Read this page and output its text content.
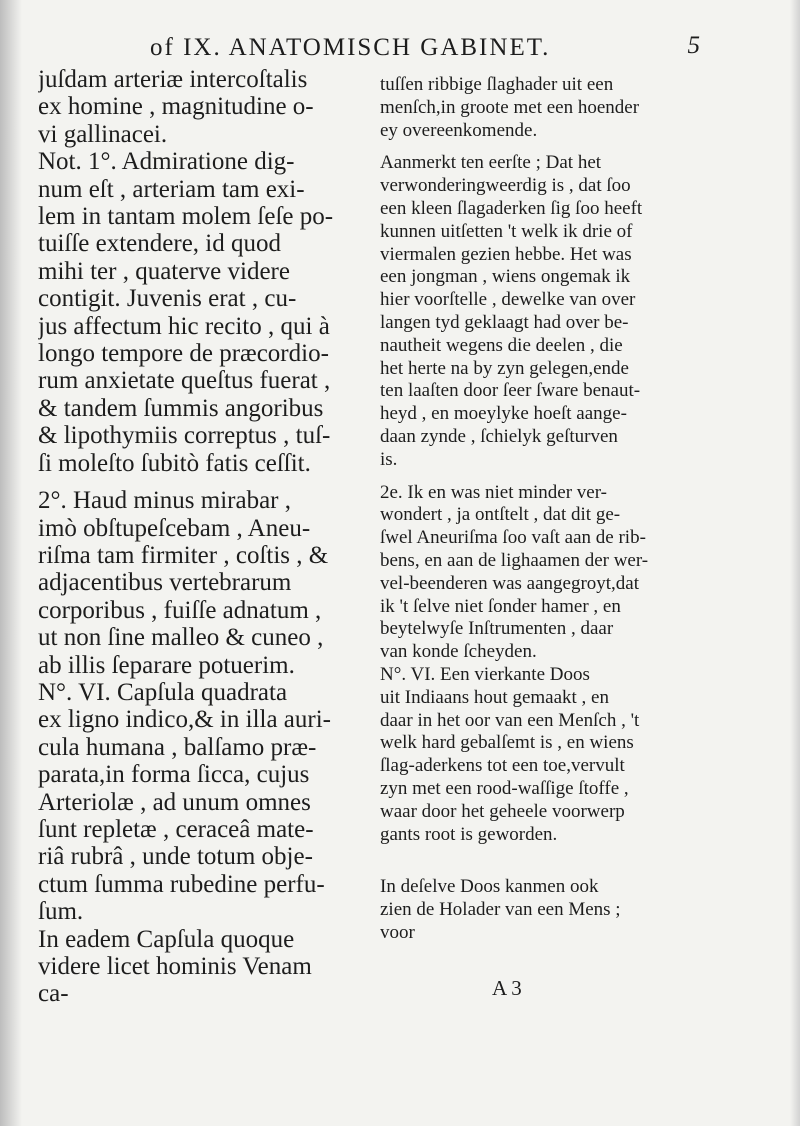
of IX. ANATOMISCH GABINET.	5
juſdam arteriæ intercoſtalis
ex homine , magnitudine o-
vi gallinacei.
Not. 1°. Admiratione dig-
num eſt , arteriam tam exi-
lem in tantam molem ſeſe po-
tuiſſe extendere, id quod
mihi ter , quaterve videre
contigit. Juvenis erat , cu-
jus affectum hic recito , qui à
longo tempore de præcordio-
rum anxietate queſtus fuerat ,
& tandem ſummis angoribus
& lipothymiis correptus , tuſ-
ſi moleſto ſubitò fatis ceſſit.
2°. Haud minus mirabar ,
imò obſtupeſcebam , Aneu-
riſma tam firmiter , coſtis , &
adjacentibus vertebrarum
corporibus , fuiſſe adnatum ,
ut non ſine malleo & cuneo ,
ab illis ſeparare potuerim.
N°. VI. Capſula quadrata
ex ligno indico,& in illa auri-
cula humana , balſamo præ-
parata,in forma ſicca, cujus
Arteriolæ , ad unum omnes
ſunt repletæ , ceraceâ mate-
riâ rubrâ , unde totum obje-
ctum ſumma rubedine perfu-
ſum.
In eadem Capſula quoque
videre licet hominis Venam
ca-
tuſſen ribbige ſlaghader uit een
menſch,in groote met een hoender
ey overeenkomende.
Aanmerkt ten eerſte ; Dat het
verwonderingweerdig is , dat ſoo
een kleen ſlagaderken ſig ſoo heeft
kunnen uitſetten 't welk ik drie of
viermalen gezien hebbe. Het was
een jongman , wiens ongemak ik
hier voorſtelle , dewelke van over
langen tyd geklaagt had over be-
nautheit wegens die deelen , die
het herte na by zyn gelegen,ende
ten laaſten door ſeer ſware benaut-
heyd , en moeylyke hoeſt aange-
daan zynde , ſchielyk geſturven
is.
2e. Ik en was niet minder ver-
wondert , ja ontſtelt , dat dit ge-
ſwel Aneuriſma ſoo vaſt aan de rib-
bens, en aan de lighaamen der wer-
vel-beenderen was aangegroyt,dat
ik 't ſelve niet ſonder hamer , en
beytelwyſe Inſtrumenten , daar
van konde ſcheyden.
N°. VI. Een vierkante Doos
uit Indiaans hout gemaakt , en
daar in het oor van een Menſch , 't
welk hard gebalſemt is , en wiens
ſlag-aderkens tot een toe,vervult
zyn met een rood-waſſige ſtoffe ,
waar door het geheele voorwerp
gants root is geworden.
In deſelve Doos kanmen ook
zien de Holader van een Mens ;
voor
A 3
